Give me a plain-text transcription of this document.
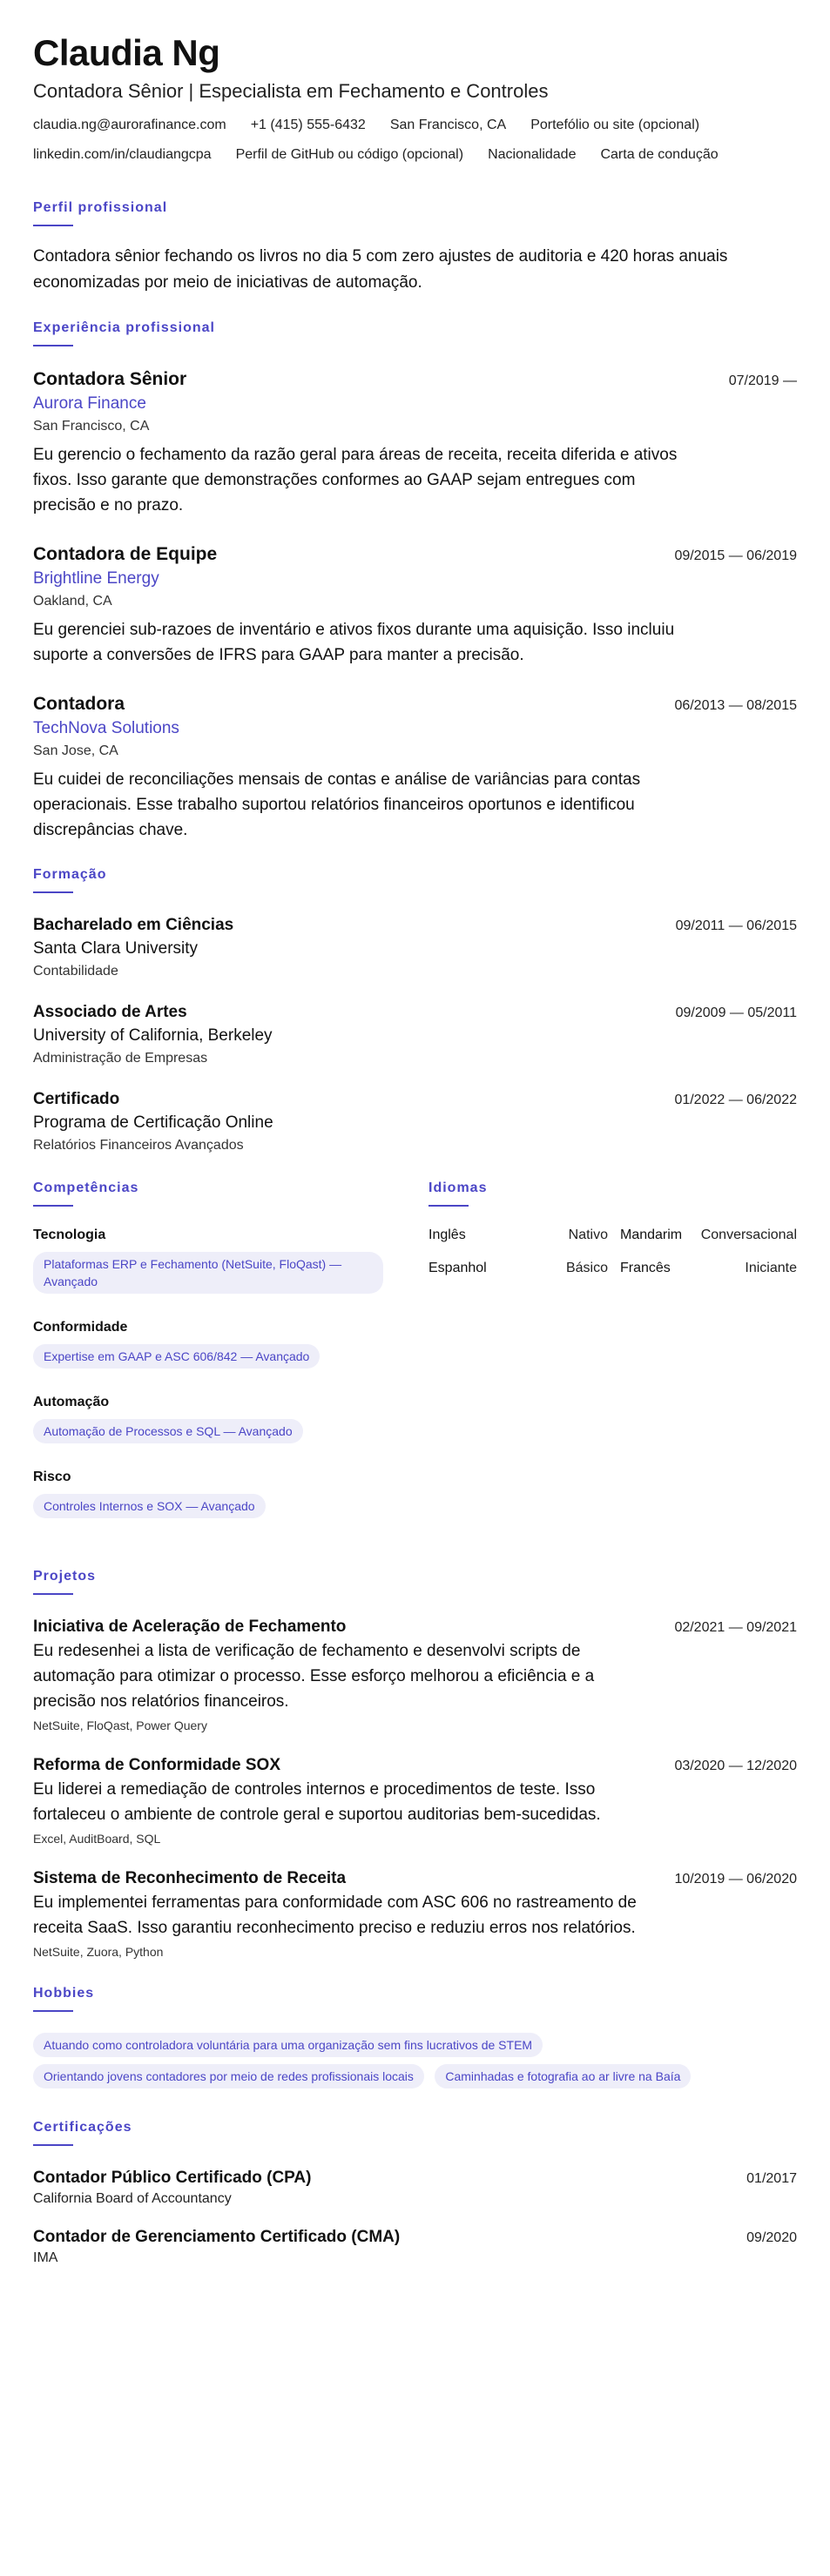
Claudia Ng
Contadora Sênior | Especialista em Fechamento e Controles
claudia.ng@aurorafinance.com +1 (415) 555-6432 San Francisco, CA Portefólio ou site (opcional)
linkedin.com/in/claudiangcpa Perfil de GitHub ou código (opcional) Nacionalidade Carta de condução
Perfil profissional

Contadora sênior fechando os livros no dia 5 com zero ajustes de auditoria e 420 horas anuais economizadas por meio de iniciativas de automação.

Experiência profissional
Contadora Sênior	07/2019 —
Aurora Finance
San Francisco, CA

Eu gerencio o fechamento da razão geral para áreas de receita, receita diferida e ativos fixos. Isso garante que demonstrações conformes ao GAAP sejam entregues com precisão e no prazo.

Contadora de Equipe	09/2015 — 06/2019
Brightline Energy
Oakland, CA

Eu gerenciei sub-razoes de inventário e ativos fixos durante uma aquisição. Isso incluiu suporte a conversões de IFRS para GAAP para manter a precisão.

Contadora	06/2013 — 08/2015
TechNova Solutions
San Jose, CA

Eu cuidei de reconciliações mensais de contas e análise de variâncias para contas operacionais. Esse trabalho suportou relatórios financeiros oportunos e identificou discrepâncias chave.

Formação
Bacharelado em Ciências	09/2011 — 06/2015
Santa Clara University
Contabilidade
Associado de Artes	09/2009 — 05/2011
University of California, Berkeley
Administração de Empresas
Certificado	01/2022 — 06/2022
Programa de Certificação Online
Relatórios Financeiros Avançados
Competências
Tecnologia
Plataformas ERP e Fechamento (NetSuite, FloQast) — Avançado
Conformidade
Expertise em GAAP e ASC 606/842 — Avançado
Automação
Automação de Processos e SQL — Avançado
Risco
Controles Internos e SOX — Avançado
Idiomas
Inglês	Nativo Mandarim	Conversacional
Espanhol	Básico Francês	Iniciante
Projetos
Iniciativa de Aceleração de Fechamento	02/2021 — 09/2021

Eu redesenhei a lista de verificação de fechamento e desenvolvi scripts de automação para otimizar o processo. Esse esforço melhorou a eficiência e a precisão nos relatórios financeiros.

NetSuite, FloQast, Power Query
Reforma de Conformidade SOX	03/2020 — 12/2020

Eu liderei a remediação de controles internos e procedimentos de teste. Isso fortaleceu o ambiente de controle geral e suportou auditorias bem-sucedidas.

Excel, AuditBoard, SQL
Sistema de Reconhecimento de Receita	10/2019 — 06/2020

Eu implementei ferramentas para conformidade com ASC 606 no rastreamento de receita SaaS. Isso garantiu reconhecimento preciso e reduziu erros nos relatórios.

NetSuite, Zuora, Python
Hobbies
Atuando como controladora voluntária para uma organização sem fins lucrativos de STEM
Orientando jovens contadores por meio de redes profissionais locais	Caminhadas e fotografia ao ar livre na Baía
Certificações
Contador Público Certificado (CPA)	01/2017
California Board of Accountancy
Contador de Gerenciamento Certificado (CMA)	09/2020
IMA
